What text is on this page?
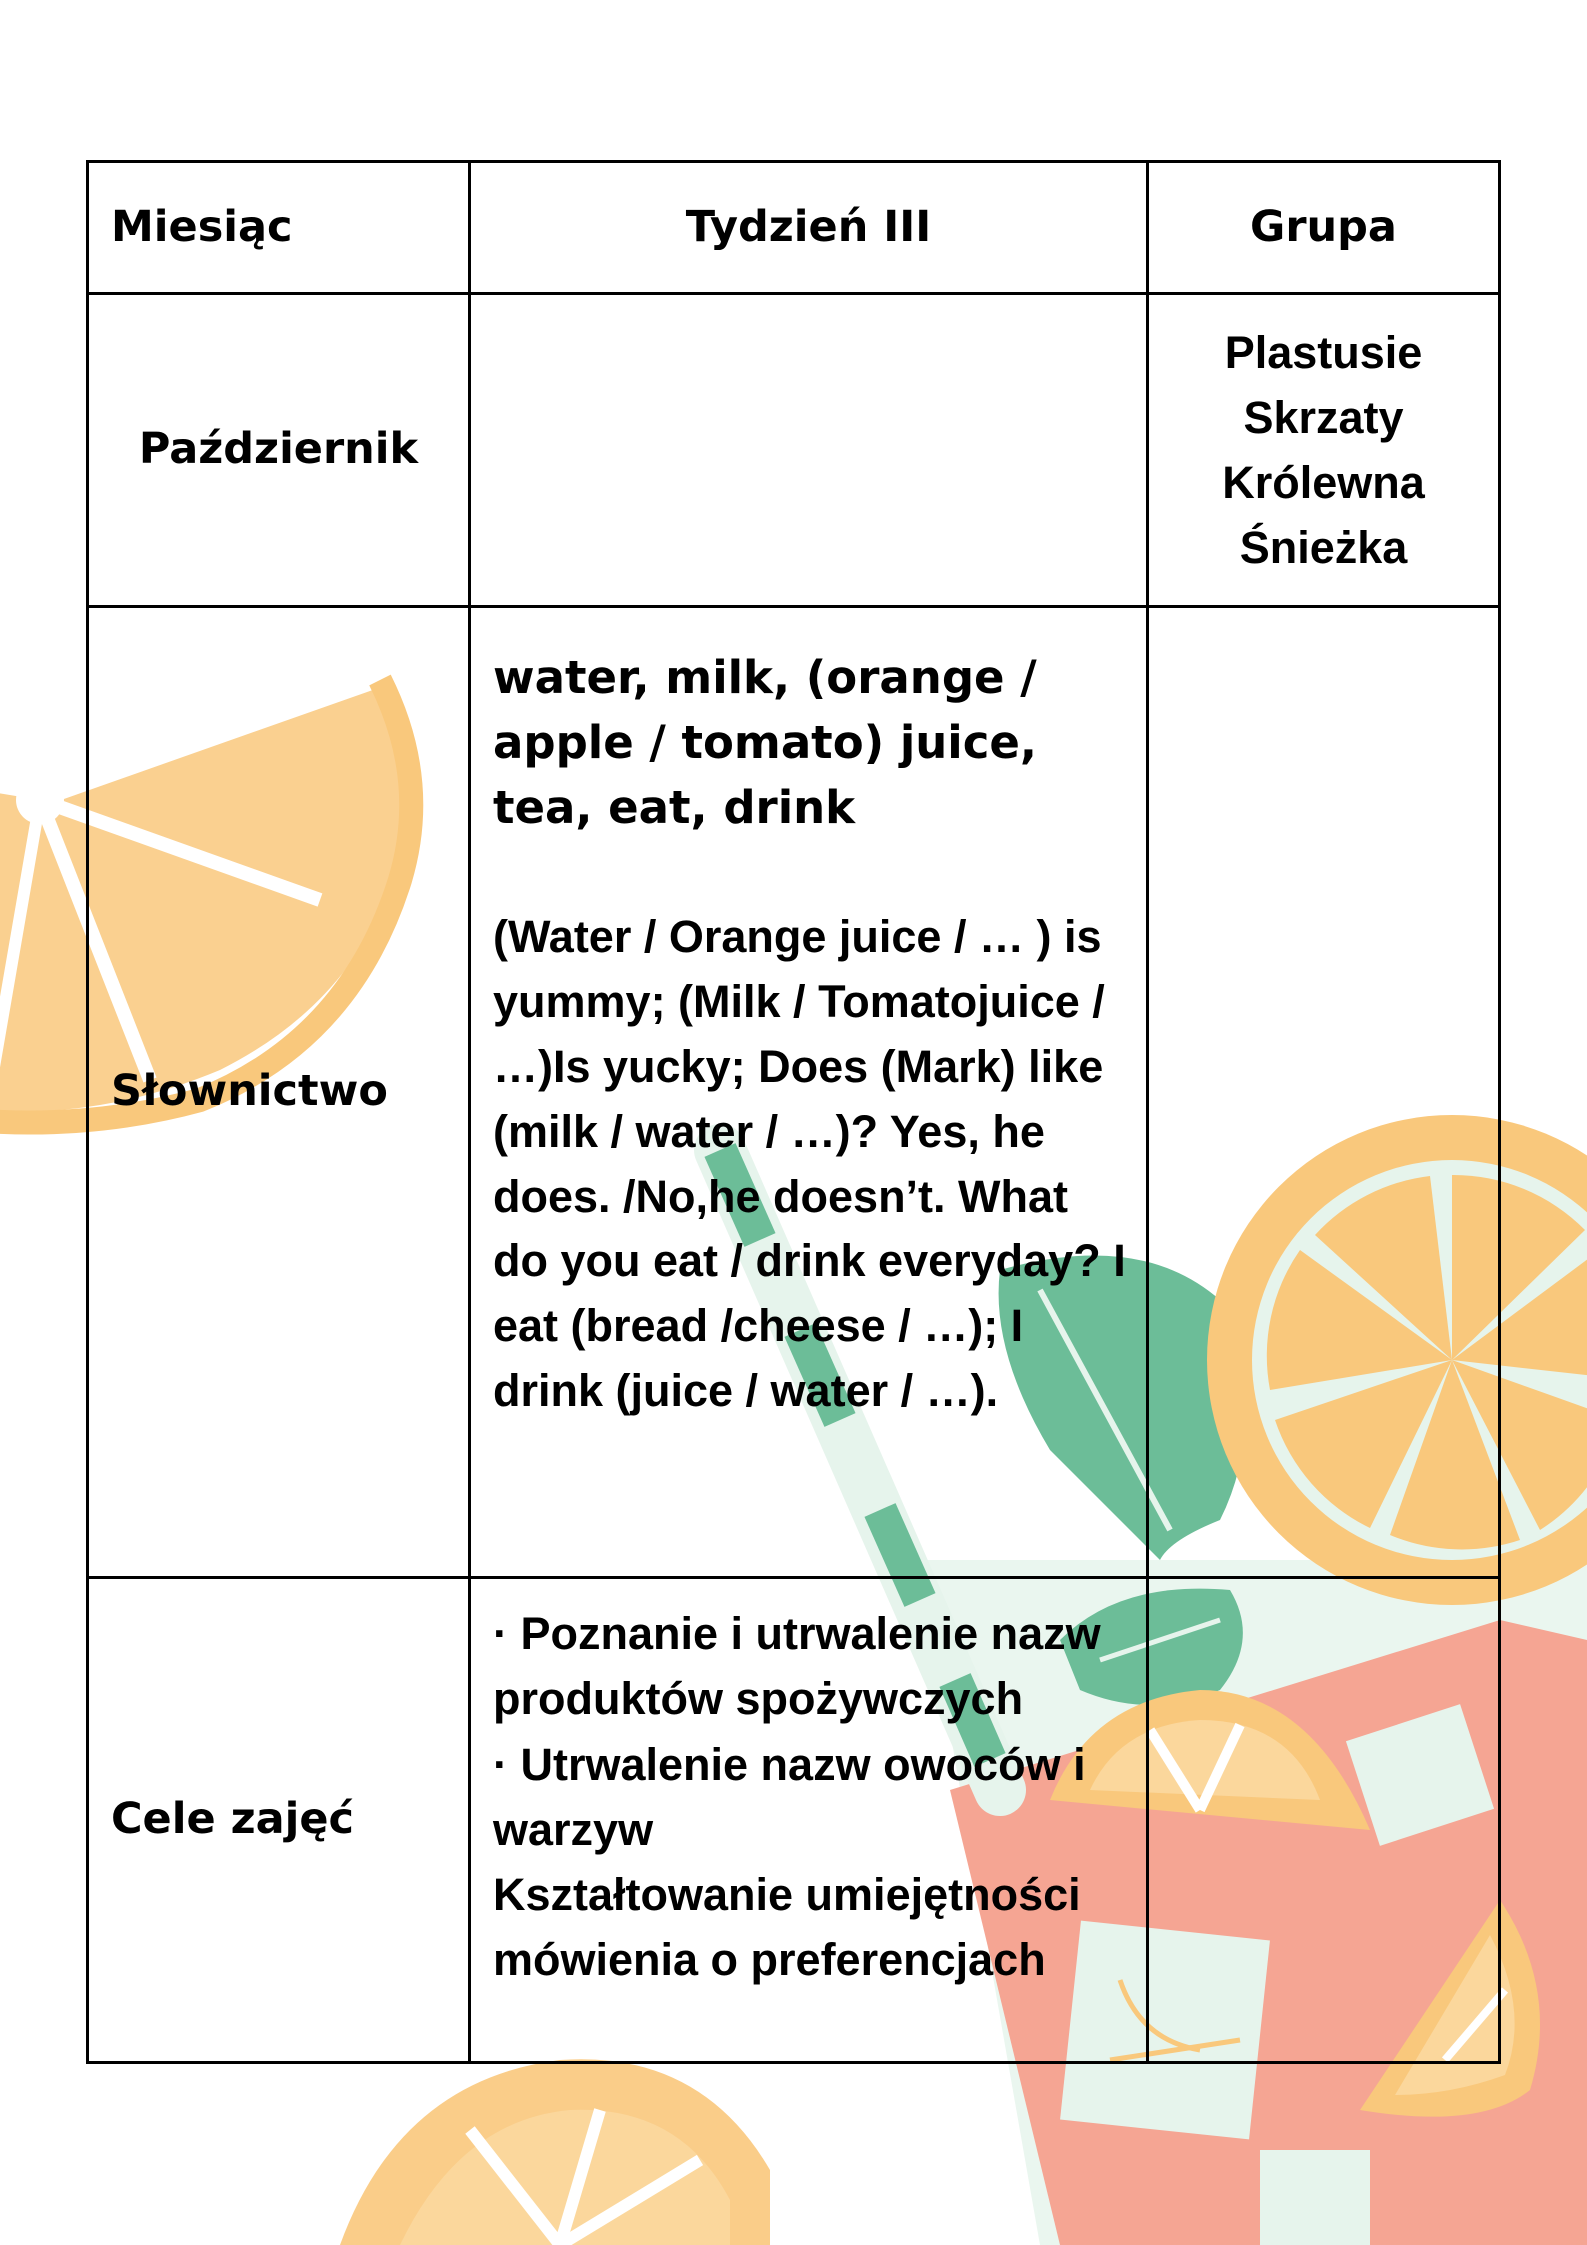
Miesiąc	Tydzień III	Grupa
Październik		Plastusie
Skrzaty
Królewna
Śnieżka

Słownictwo	water, milk, (orange / apple / tomato) juice, tea, eat, drink

(Water / Orange juice / … ) is yummy; (Milk / Tomatojuice / …)Is yucky; Does (Mark) like (milk / water / …)? Yes, he does. /No,he doesn’t. What do you eat / drink everyday? I eat (bread /cheese / …); I drink (juice / water / …).	

Cele zajęć	· Poznanie i utrwalenie nazw produktów spożywczych
· Utrwalenie nazw owoców i warzyw
Kształtowanie umiejętności mówienia o preferencjach	
